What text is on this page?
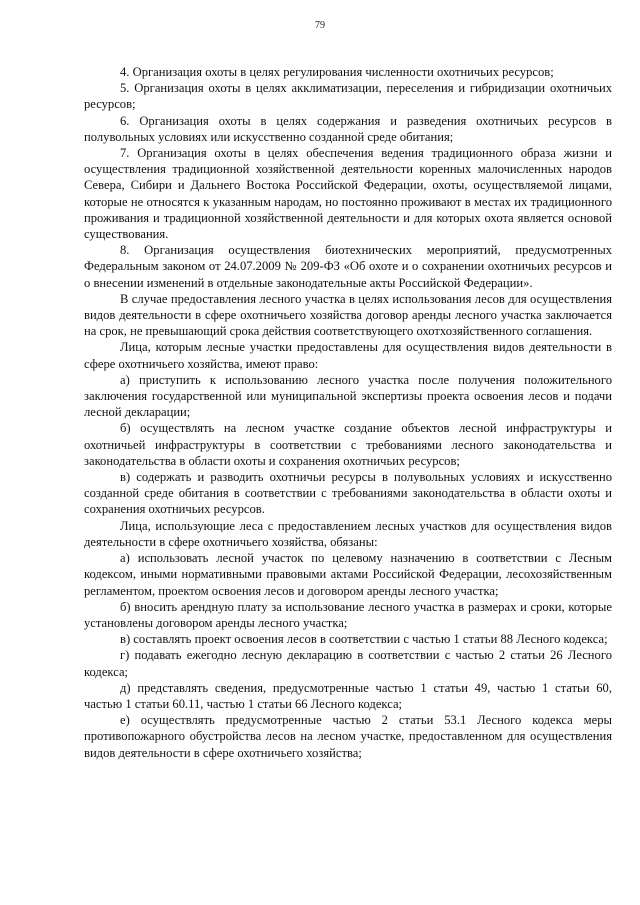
79

4. Организация охоты в целях регулирования численности охотничьих ресурсов;

5. Организация охоты в целях акклиматизации, переселения и гибридизации охотничьих ресурсов;

6. Организация охоты в целях содержания и разведения охотничьих ресурсов в полувольных условиях или искусственно созданной среде обитания;

7. Организация охоты в целях обеспечения ведения традиционного образа жизни и осуществления традиционной хозяйственной деятельности коренных малочисленных народов Севера, Сибири и Дальнего Востока Российской Федерации, охоты, осуществляемой лицами, которые не относятся к указанным народам, но постоянно проживают в местах их традиционного проживания и традиционной хозяйственной деятельности и для которых охота является основой существования.

8. Организация осуществления биотехнических мероприятий, предусмотренных Федеральным законом от 24.07.2009 № 209-ФЗ «Об охоте и о сохранении охотничьих ресурсов и о внесении изменений в отдельные законодательные акты Российской Федерации».

В случае предоставления лесного участка в целях использования лесов для осуществления видов деятельности в сфере охотничьего хозяйства договор аренды лесного участка заключается на срок, не превышающий срока действия соответствующего охотхозяйственного соглашения.

Лица, которым лесные участки предоставлены для осуществления видов деятельности в сфере охотничьего хозяйства, имеют право:

а) приступить к использованию лесного участка после получения положительного заключения государственной или муниципальной экспертизы проекта освоения лесов и подачи лесной декларации;

б) осуществлять на лесном участке создание объектов лесной инфраструктуры и охотничьей инфраструктуры в соответствии с требованиями лесного законодательства и законодательства в области охоты и сохранения охотничьих ресурсов;

в) содержать и разводить охотничьи ресурсы в полувольных условиях и искусственно созданной среде обитания в соответствии с требованиями законодательства в области охоты и сохранения охотничьих ресурсов.

Лица, использующие леса с предоставлением лесных участков для осуществления видов деятельности в сфере охотничьего хозяйства, обязаны:

а) использовать лесной участок по целевому назначению в соответствии с Лесным кодексом, иными нормативными правовыми актами Российской Федерации, лесохозяйственным регламентом, проектом освоения лесов и договором аренды лесного участка;

б) вносить арендную плату за использование лесного участка в размерах и сроки, которые установлены договором аренды лесного участка;

в) составлять проект освоения лесов в соответствии с частью 1 статьи 88 Лесного кодекса;

г) подавать ежегодно лесную декларацию в соответствии с частью 2 статьи 26 Лесного кодекса;

д) представлять сведения, предусмотренные частью 1 статьи 49, частью 1 статьи 60, частью 1 статьи 60.11, частью 1 статьи 66 Лесного кодекса;

е) осуществлять предусмотренные частью 2 статьи 53.1 Лесного кодекса меры противопожарного обустройства лесов на лесном участке, предоставленном для осуществления видов деятельности в сфере охотничьего хозяйства;
